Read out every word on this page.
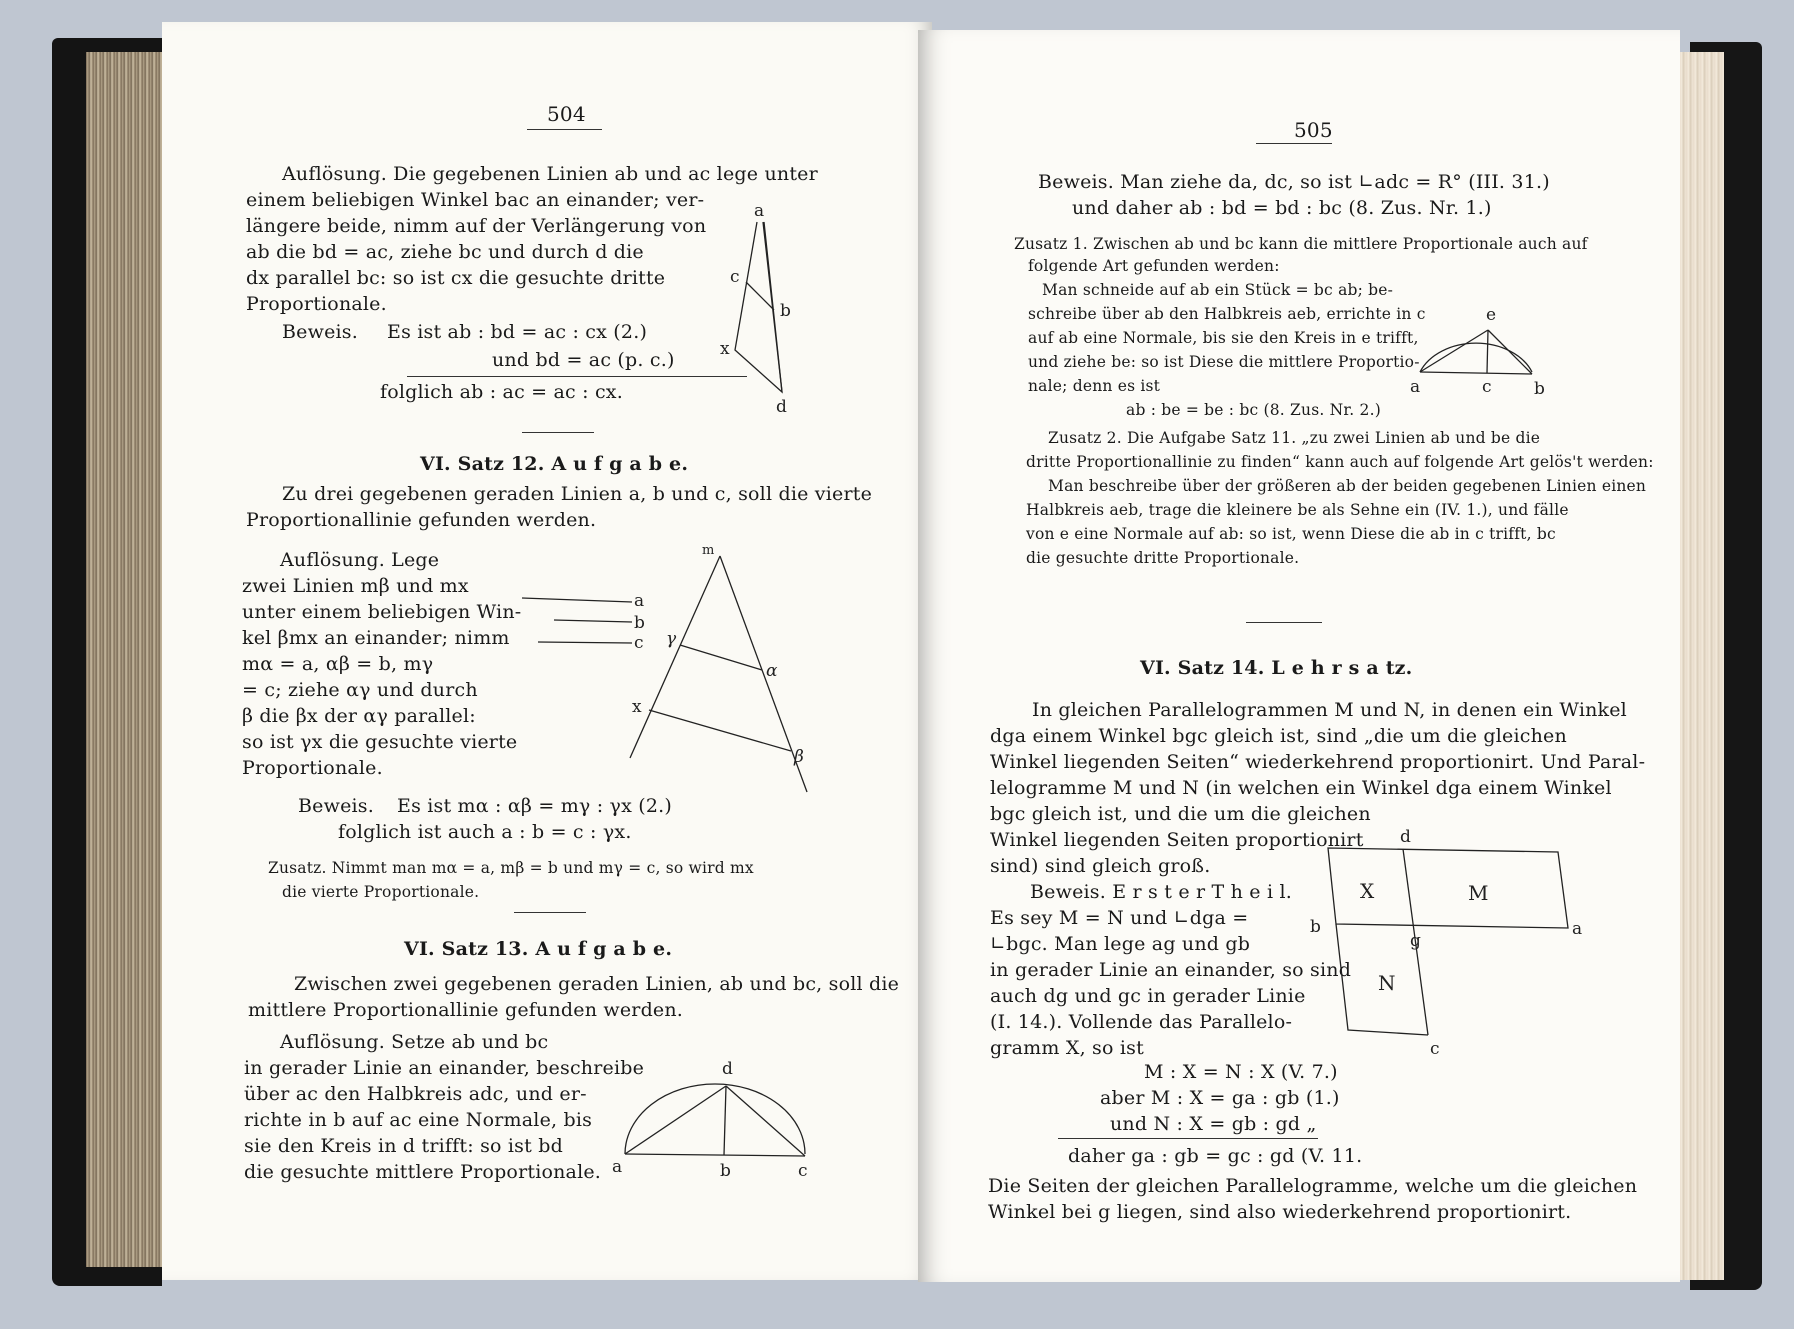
504
Auflösung. Die gegebenen Linien ab und ac lege unter
einem beliebigen Winkel bac an einander; ver-
längere beide, nimm auf der Verlängerung von
ab die bd = ac, ziehe bc und durch d die
dx parallel bc: so ist cx die gesuchte dritte
Proportionale.
Beweis. Es ist ab : bd = ac : cx (2.)
und bd = ac (p. c.)
folglich ab : ac = ac : cx.
a
c
b
x
d
VI. Satz 12. A u f g a b e.
Zu drei gegebenen geraden Linien a, b und c, soll die vierte
Proportionallinie gefunden werden.
Auflösung. Lege
zwei Linien mβ und mx
unter einem beliebigen Win-
kel βmx an einander; nimm
mα = a, αβ = b, mγ
= c; ziehe αγ und durch
β die βx der αγ parallel:
so ist γx die gesuchte vierte
Proportionale.
a
b
c
m
γ
α
x
β
Beweis. Es ist mα : αβ = mγ : γx (2.)
folglich ist auch a : b = c : γx.
Zusatz. Nimmt man mα = a, mβ = b und mγ = c, so wird mx
die vierte Proportionale.
VI. Satz 13. A u f g a b e.
Zwischen zwei gegebenen geraden Linien, ab und bc, soll die
mittlere Proportionallinie gefunden werden.
Auflösung. Setze ab und bc
in gerader Linie an einander, beschreibe
über ac den Halbkreis adc, und er-
richte in b auf ac eine Normale, bis
sie den Kreis in d trifft: so ist bd
die gesuchte mittlere Proportionale.
d
a	b	c
505
Beweis. Man ziehe da, dc, so ist ∟adc = R° (III. 31.)
und daher ab : bd = bd : bc (8. Zus. Nr. 1.)
Zusatz 1. Zwischen ab und bc kann die mittlere Proportionale auch auf
folgende Art gefunden werden:
Man schneide auf ab ein Stück = bc ab; be-
schreibe über ab den Halbkreis aeb, errichte in c
auf ab eine Normale, bis sie den Kreis in e trifft,
und ziehe be: so ist Diese die mittlere Proportio-
nale; denn es ist
ab : be = be : bc (8. Zus. Nr. 2.)
e
a	c b
Zusatz 2. Die Aufgabe Satz 11. „zu zwei Linien ab und be die
dritte Proportionallinie zu finden“ kann auch auf folgende Art gelös't werden:
Man beschreibe über der größeren ab der beiden gegebenen Linien einen
Halbkreis aeb, trage die kleinere be als Sehne ein (IV. 1.), und fälle
von e eine Normale auf ab: so ist, wenn Diese die ab in c trifft, bc
die gesuchte dritte Proportionale.
VI. Satz 14. L e h r s a tz.
In gleichen Parallelogrammen M und N, in denen ein Winkel
dga einem Winkel bgc gleich ist, sind „die um die gleichen
Winkel liegenden Seiten“ wiederkehrend proportionirt. Und Paral-
lelogramme M und N (in welchen ein Winkel dga einem Winkel
bgc gleich ist, und die um die gleichen
Winkel liegenden Seiten proportionirt
sind) sind gleich groß.
Beweis. E r s t e r T h e i l.
Es sey M = N und ∟dga =
∟bgc. Man lege ag und gb
in gerader Linie an einander, so sind
auch dg und gc in gerader Linie
(I. 14.). Vollende das Parallelo-
gramm X, so ist
d
X	M
b
g
a
N
c
M : X = N : X (V. 7.)
aber M : X = ga : gb (1.)
und N : X = gb : gd „
daher ga : gb = gc : gd (V. 11.
Die Seiten der gleichen Parallelogramme, welche um die gleichen
Winkel bei g liegen, sind also wiederkehrend proportionirt.
